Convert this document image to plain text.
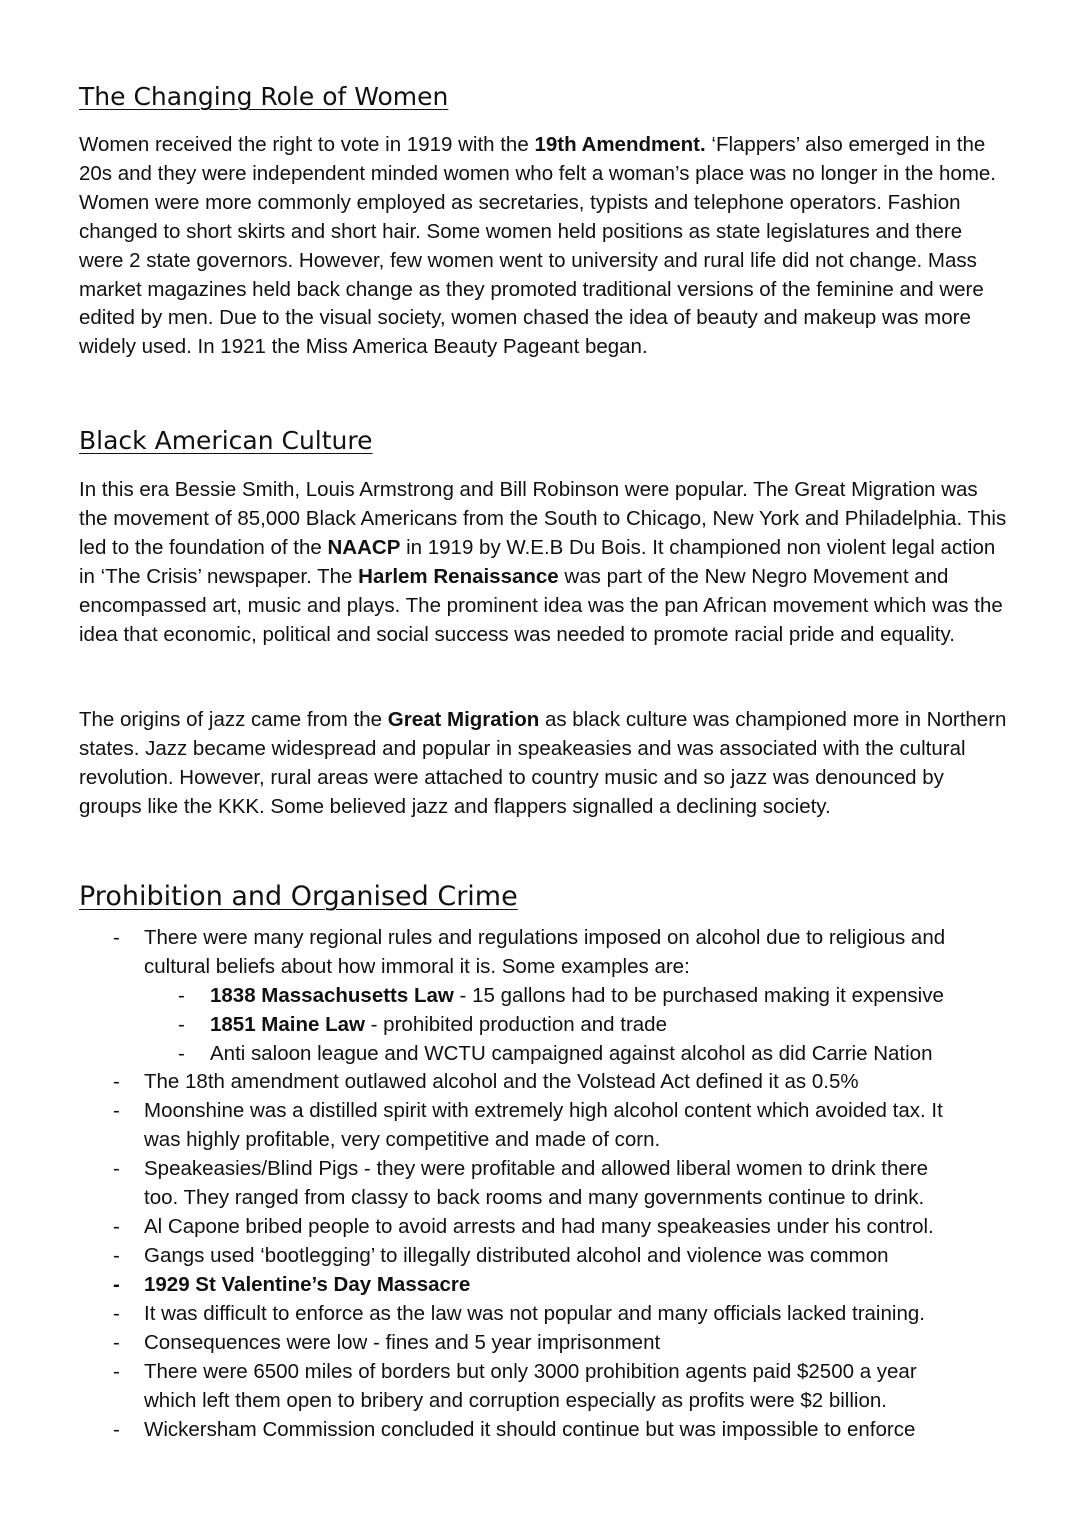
The Changing Role of Women

Women received the right to vote in 1919 with the 19th Amendment. ‘Flappers’ also emerged in the 20s and they were independent minded women who felt a woman’s place was no longer in the home. Women were more commonly employed as secretaries, typists and telephone operators. Fashion changed to short skirts and short hair. Some women held positions as state legislatures and there were 2 state governors. However, few women went to university and rural life did not change. Mass market magazines held back change as they promoted traditional versions of the feminine and were edited by men. Due to the visual society, women chased the idea of beauty and makeup was more widely used. In 1921 the Miss America Beauty Pageant began.

Black American Culture

In this era Bessie Smith, Louis Armstrong and Bill Robinson were popular. The Great Migration was the movement of 85,000 Black Americans from the South to Chicago, New York and Philadelphia. This led to the foundation of the NAACP in 1919 by W.E.B Du Bois. It championed non violent legal action in ‘The Crisis’ newspaper. The Harlem Renaissance was part of the New Negro Movement and encompassed art, music and plays. The prominent idea was the pan African movement which was the idea that economic, political and social success was needed to promote racial pride and equality.

The origins of jazz came from the Great Migration as black culture was championed more in Northern states. Jazz became widespread and popular in speakeasies and was associated with the cultural revolution. However, rural areas were attached to country music and so jazz was denounced by groups like the KKK. Some believed jazz and flappers signalled a declining society.

Prohibition and Organised Crime
- There were many regional rules and regulations imposed on alcohol due to religious and
cultural beliefs about how immoral it is. Some examples are:
- 1838 Massachusetts Law - 15 gallons had to be purchased making it expensive
- 1851 Maine Law - prohibited production and trade
- Anti saloon league and WCTU campaigned against alcohol as did Carrie Nation
- The 18th amendment outlawed alcohol and the Volstead Act defined it as 0.5%
- Moonshine was a distilled spirit with extremely high alcohol content which avoided tax. It
was highly profitable, very competitive and made of corn.
- Speakeasies/Blind Pigs - they were profitable and allowed liberal women to drink there
too. They ranged from classy to back rooms and many governments continue to drink.
- Al Capone bribed people to avoid arrests and had many speakeasies under his control.
- Gangs used ‘bootlegging’ to illegally distributed alcohol and violence was common
- 1929 St Valentine’s Day Massacre
- It was difficult to enforce as the law was not popular and many officials lacked training.
- Consequences were low - fines and 5 year imprisonment
- There were 6500 miles of borders but only 3000 prohibition agents paid $2500 a year
which left them open to bribery and corruption especially as profits were $2 billion.
- Wickersham Commission concluded it should continue but was impossible to enforce
